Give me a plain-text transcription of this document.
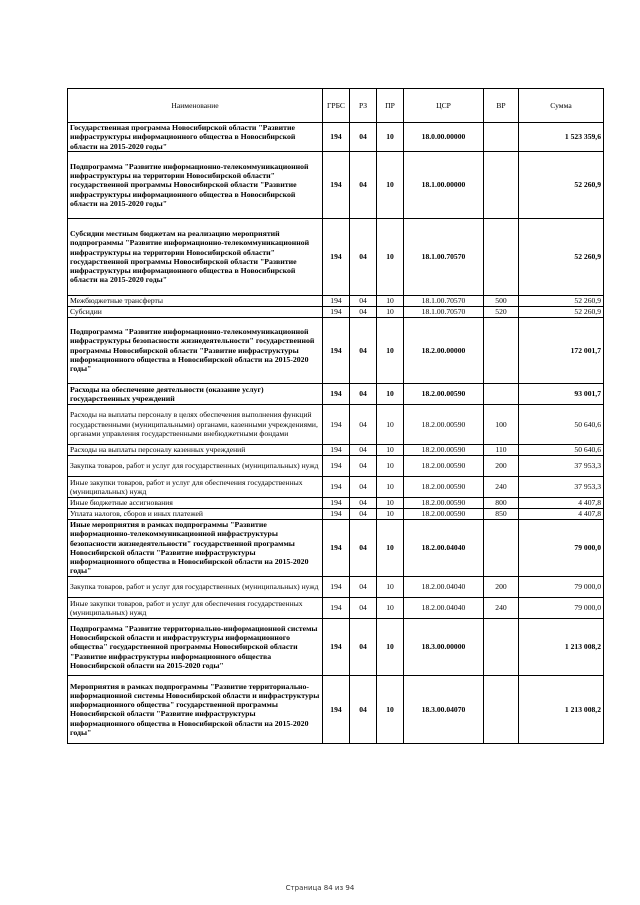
Наименование	ГРБС	РЗ	ПР	ЦСР	ВР	Сумма
Государственная программа Новосибирской области "Развитие инфраструктуры информационного общества в Новосибирской области на 2015-2020 годы"	194	04	10	18.0.00.00000		1 523 359,6
Подпрограмма "Развитие информационно-телекоммуникационной инфраструктуры на территории Новосибирской области" государственной программы Новосибирской области "Развитие инфраструктуры информационного общества в Новосибирской области на 2015-2020 годы"	194	04	10	18.1.00.00000		52 260,9
Субсидии местным бюджетам на реализацию мероприятий подпрограммы "Развитие информационно-телекоммуникационной инфраструктуры на территории Новосибирской области" государственной программы Новосибирской области "Развитие инфраструктуры информационного общества в Новосибирской области на 2015-2020 годы"	194	04	10	18.1.00.70570		52 260,9
Межбюджетные трансферты	194	04	10	18.1.00.70570	500	52 260,9
Субсидии	194	04	10	18.1.00.70570	520	52 260,9
Подпрограмма "Развитие информационно-телекоммуникационной инфраструктуры безопасности жизнедеятельности" государственной программы Новосибирской области "Развитие инфраструктуры информационного общества в Новосибирской области на 2015-2020 годы"	194	04	10	18.2.00.00000		172 001,7
Расходы на обеспечение деятельности (оказание услуг) государственных учреждений	194	04	10	18.2.00.00590		93 001,7
Расходы на выплаты персоналу в целях обеспечения выполнения функций государственными (муниципальными) органами, казенными учреждениями, органами управления государственными внебюджетными фондами	194	04	10	18.2.00.00590	100	50 640,6
Расходы на выплаты персоналу казенных учреждений	194	04	10	18.2.00.00590	110	50 640,6
Закупка товаров, работ и услуг для государственных (муниципальных) нужд	194	04	10	18.2.00.00590	200	37 953,3
Иные закупки товаров, работ и услуг для обеспечения государственных (муниципальных) нужд	194	04	10	18.2.00.00590	240	37 953,3
Иные бюджетные ассигнования	194	04	10	18.2.00.00590	800	4 407,8
Уплата налогов, сборов и иных платежей	194	04	10	18.2.00.00590	850	4 407,8
Иные мероприятия в рамках подпрограммы "Развитие информационно-телекоммуникационной инфраструктуры безопасности жизнедеятельности" государственной программы Новосибирской области "Развитие инфраструктуры информационного общества в Новосибирской области на 2015-2020 годы"	194	04	10	18.2.00.04040		79 000,0
Закупка товаров, работ и услуг для государственных (муниципальных) нужд	194	04	10	18.2.00.04040	200	79 000,0
Иные закупки товаров, работ и услуг для обеспечения государственных (муниципальных) нужд	194	04	10	18.2.00.04040	240	79 000,0
Подпрограмма "Развитие территориально-информационной системы Новосибирской области и инфраструктуры информационного общества" государственной программы Новосибирской области "Развитие инфраструктуры информационного общества Новосибирской области на 2015-2020 годы"	194	04	10	18.3.00.00000		1 213 008,2
Мероприятия в рамках подпрограммы "Развитие территориально-информационной системы Новосибирской области и инфраструктуры информационного общества" государственной программы Новосибирской области "Развитие инфраструктуры информационного общества в Новосибирской области на 2015-2020 годы"	194	04	10	18.3.00.04070		1 213 008,2
Страница 84 из 94
